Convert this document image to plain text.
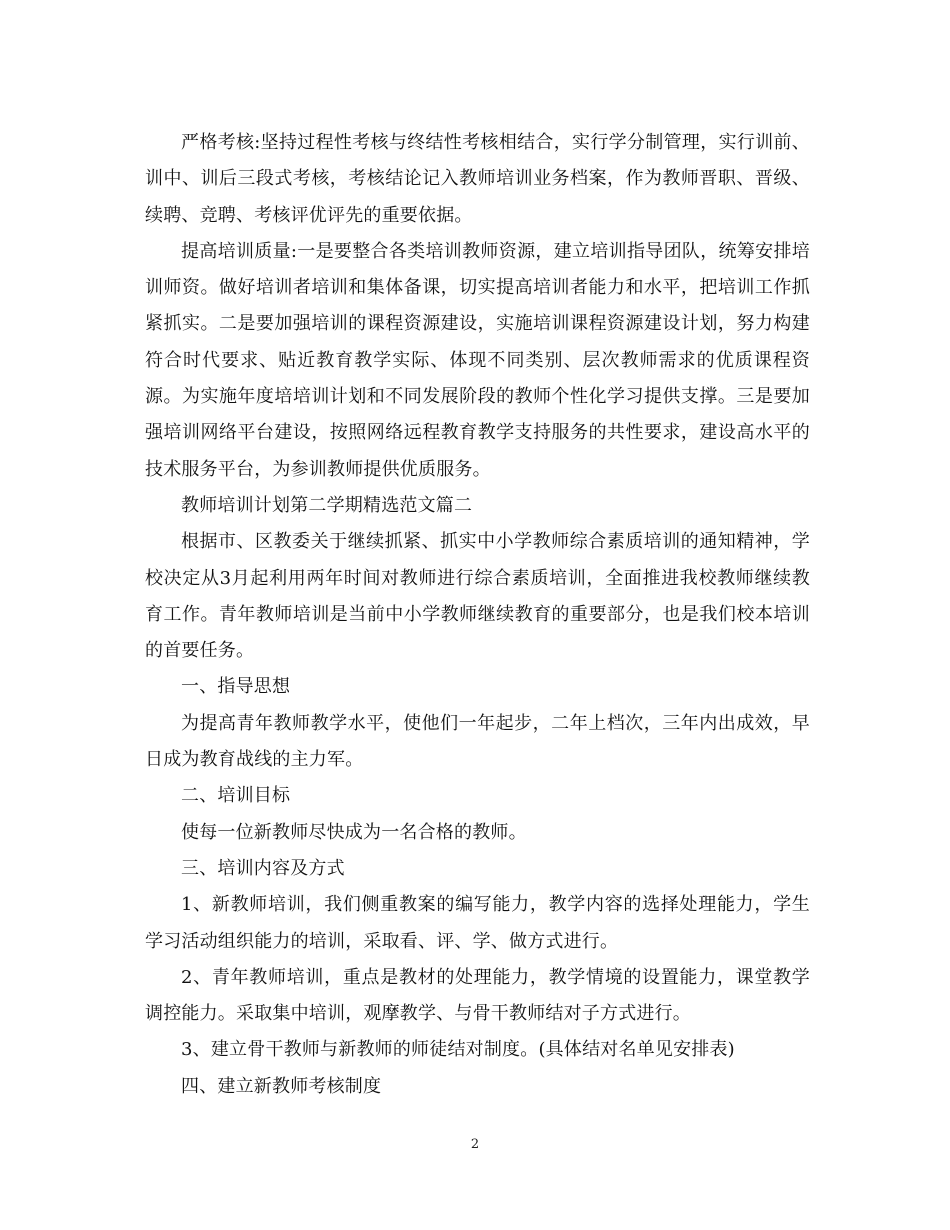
严格考核:坚持过程性考核与终结性考核相结合，实行学分制管理，实行训前、训中、训后三段式考核，考核结论记入教师培训业务档案，作为教师晋职、晋级、续聘、竞聘、考核评优评先的重要依据。

提高培训质量:一是要整合各类培训教师资源，建立培训指导团队，统筹安排培训师资。做好培训者培训和集体备课，切实提高培训者能力和水平，把培训工作抓紧抓实。二是要加强培训的课程资源建设，实施培训课程资源建设计划，努力构建符合时代要求、贴近教育教学实际、体现不同类别、层次教师需求的优质课程资源。为实施年度培培训计划和不同发展阶段的教师个性化学习提供支撑。三是要加强培训网络平台建设，按照网络远程教育教学支持服务的共性要求，建设高水平的技术服务平台，为参训教师提供优质服务。

教师培训计划第二学期精选范文篇二

根据市、区教委关于继续抓紧、抓实中小学教师综合素质培训的通知精神，学校决定从3月起利用两年时间对教师进行综合素质培训，全面推进我校教师继续教育工作。青年教师培训是当前中小学教师继续教育的重要部分，也是我们校本培训的首要任务。

一、指导思想

为提高青年教师教学水平，使他们一年起步，二年上档次，三年内出成效，早日成为教育战线的主力军。

二、培训目标

使每一位新教师尽快成为一名合格的教师。

三、培训内容及方式

1、新教师培训，我们侧重教案的编写能力，教学内容的选择处理能力，学生学习活动组织能力的培训，采取看、评、学、做方式进行。

2、青年教师培训，重点是教材的处理能力，教学情境的设置能力，课堂教学调控能力。采取集中培训，观摩教学、与骨干教师结对子方式进行。

3、建立骨干教师与新教师的师徒结对制度。(具体结对名单见安排表)

四、建立新教师考核制度

2
